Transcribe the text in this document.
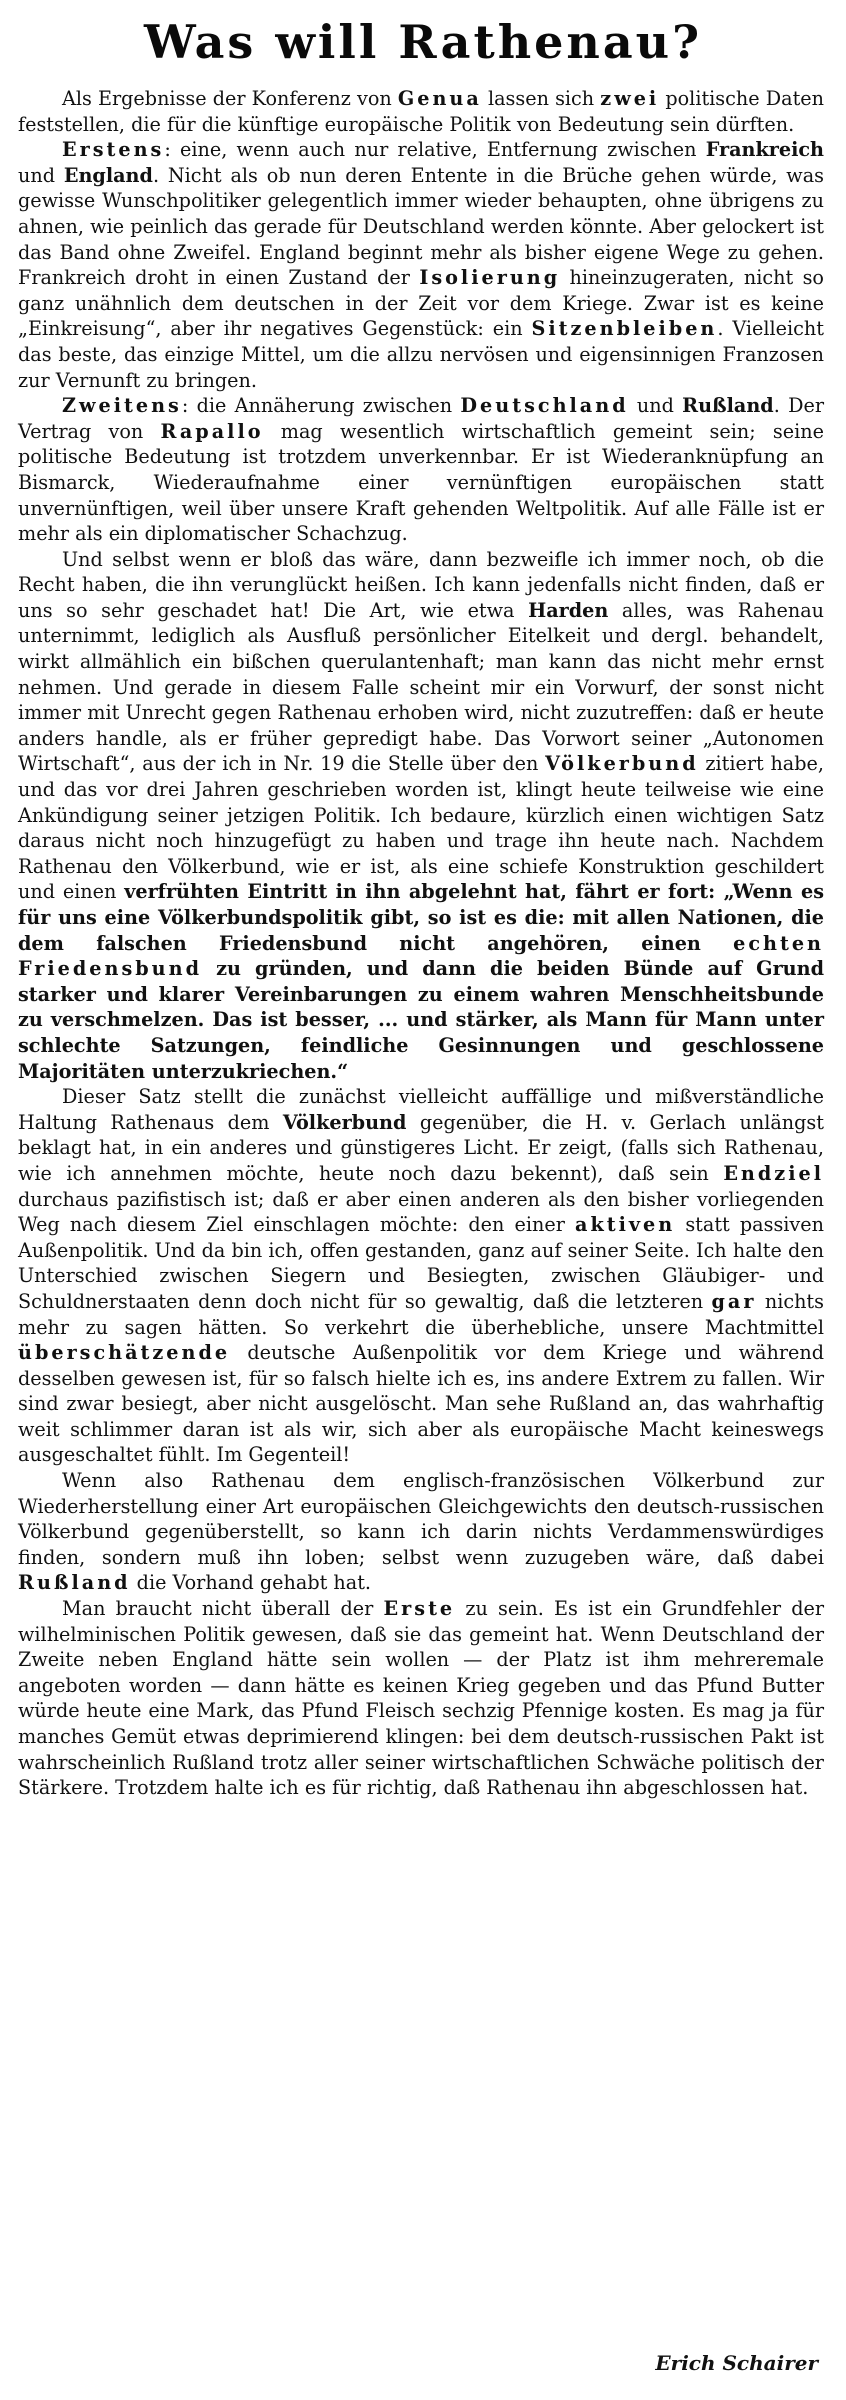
Was will Rathenau?

Als Ergebnisse der Konferenz von Genua lassen sich zwei politische Daten feststellen, die für die künftige europäische Politik von Bedeutung sein dürften.

Erstens: eine, wenn auch nur relative, Entfernung zwischen Frankreich und England. Nicht als ob nun deren Entente in die Brüche gehen würde, was gewisse Wunschpolitiker gelegentlich immer wieder behaupten, ohne übrigens zu ahnen, wie peinlich das gerade für Deutschland werden könnte. Aber gelockert ist das Band ohne Zweifel. England beginnt mehr als bisher eigene Wege zu gehen. Frankreich droht in einen Zustand der Isolierung hineinzugeraten, nicht so ganz unähnlich dem deutschen in der Zeit vor dem Kriege. Zwar ist es keine „Einkreisung“, aber ihr negatives Gegenstück: ein Sitzenbleiben. Vielleicht das beste, das einzige Mittel, um die allzu nervösen und eigensinnigen Franzosen zur Vernunft zu bringen.

Zweitens: die Annäherung zwischen Deutschland und Rußland. Der Vertrag von Rapallo mag wesentlich wirtschaftlich gemeint sein; seine politische Bedeutung ist trotzdem unverkennbar. Er ist Wiederanknüpfung an Bismarck, Wiederaufnahme einer vernünftigen europäischen statt unvernünftigen, weil über unsere Kraft gehenden Weltpolitik. Auf alle Fälle ist er mehr als ein diplomatischer Schachzug.

Und selbst wenn er bloß das wäre, dann bezweifle ich immer noch, ob die Recht haben, die ihn verunglückt heißen. Ich kann jedenfalls nicht finden, daß er uns so sehr geschadet hat! Die Art, wie etwa Harden alles, was Rahenau unternimmt, lediglich als Ausfluß persönlicher Eitelkeit und dergl. behandelt, wirkt allmählich ein bißchen querulantenhaft; man kann das nicht mehr ernst nehmen. Und gerade in diesem Falle scheint mir ein Vorwurf, der sonst nicht immer mit Unrecht gegen Rathenau erhoben wird, nicht zuzutreffen: daß er heute anders handle, als er früher gepredigt habe. Das Vorwort seiner „Autonomen Wirtschaft“, aus der ich in Nr. 19 die Stelle über den Völkerbund zitiert habe, und das vor drei Jahren geschrieben worden ist, klingt heute teilweise wie eine Ankündigung seiner jetzigen Politik. Ich bedaure, kürzlich einen wichtigen Satz daraus nicht noch hinzugefügt zu haben und trage ihn heute nach. Nachdem Rathenau den Völkerbund, wie er ist, als eine schiefe Konstruktion geschildert und einen verfrühten Eintritt in ihn abgelehnt hat, fährt er fort: „Wenn es für uns eine Völkerbundspolitik gibt, so ist es die: mit allen Nationen, die dem falschen Friedensbund nicht angehören, einen echten Friedensbund zu gründen, und dann die beiden Bünde auf Grund starker und klarer Vereinbarungen zu einem wahren Menschheitsbunde zu verschmelzen. Das ist besser, ... und stärker, als Mann für Mann unter schlechte Satzungen, feindliche Gesinnungen und geschlossene Majoritäten unterzukriechen.“

Dieser Satz stellt die zunächst vielleicht auffällige und mißverständliche Haltung Rathenaus dem Völkerbund gegenüber, die H. v. Gerlach unlängst beklagt hat, in ein anderes und günstigeres Licht. Er zeigt, (falls sich Rathenau, wie ich annehmen möchte, heute noch dazu bekennt), daß sein Endziel durchaus pazifistisch ist; daß er aber einen anderen als den bisher vorliegenden Weg nach diesem Ziel einschlagen möchte: den einer aktiven statt passiven Außenpolitik. Und da bin ich, offen gestanden, ganz auf seiner Seite. Ich halte den Unterschied zwischen Siegern und Besiegten, zwischen Gläubiger- und Schuldnerstaaten denn doch nicht für so gewaltig, daß die letzteren gar nichts mehr zu sagen hätten. So verkehrt die überhebliche, unsere Machtmittel überschätzende deutsche Außenpolitik vor dem Kriege und während desselben gewesen ist, für so falsch hielte ich es, ins andere Extrem zu fallen. Wir sind zwar besiegt, aber nicht ausgelöscht. Man sehe Rußland an, das wahrhaftig weit schlimmer daran ist als wir, sich aber als europäische Macht keineswegs ausgeschaltet fühlt. Im Gegenteil!

Wenn also Rathenau dem englisch-französischen Völkerbund zur Wiederherstellung einer Art europäischen Gleichgewichts den deutsch-russischen Völkerbund gegenüberstellt, so kann ich darin nichts Verdammenswürdiges finden, sondern muß ihn loben; selbst wenn zuzugeben wäre, daß dabei Rußland die Vorhand gehabt hat.

Man braucht nicht überall der Erste zu sein. Es ist ein Grundfehler der wilhelminischen Politik gewesen, daß sie das gemeint hat. Wenn Deutschland der Zweite neben England hätte sein wollen — der Platz ist ihm mehreremale angeboten worden — dann hätte es keinen Krieg gegeben und das Pfund Butter würde heute eine Mark, das Pfund Fleisch sechzig Pfennige kosten. Es mag ja für manches Gemüt etwas deprimierend klingen: bei dem deutsch-russischen Pakt ist wahrscheinlich Rußland trotz aller seiner wirtschaftlichen Schwäche politisch der Stärkere. Trotzdem halte ich es für richtig, daß Rathenau ihn abgeschlossen hat.

Erich Schairer
